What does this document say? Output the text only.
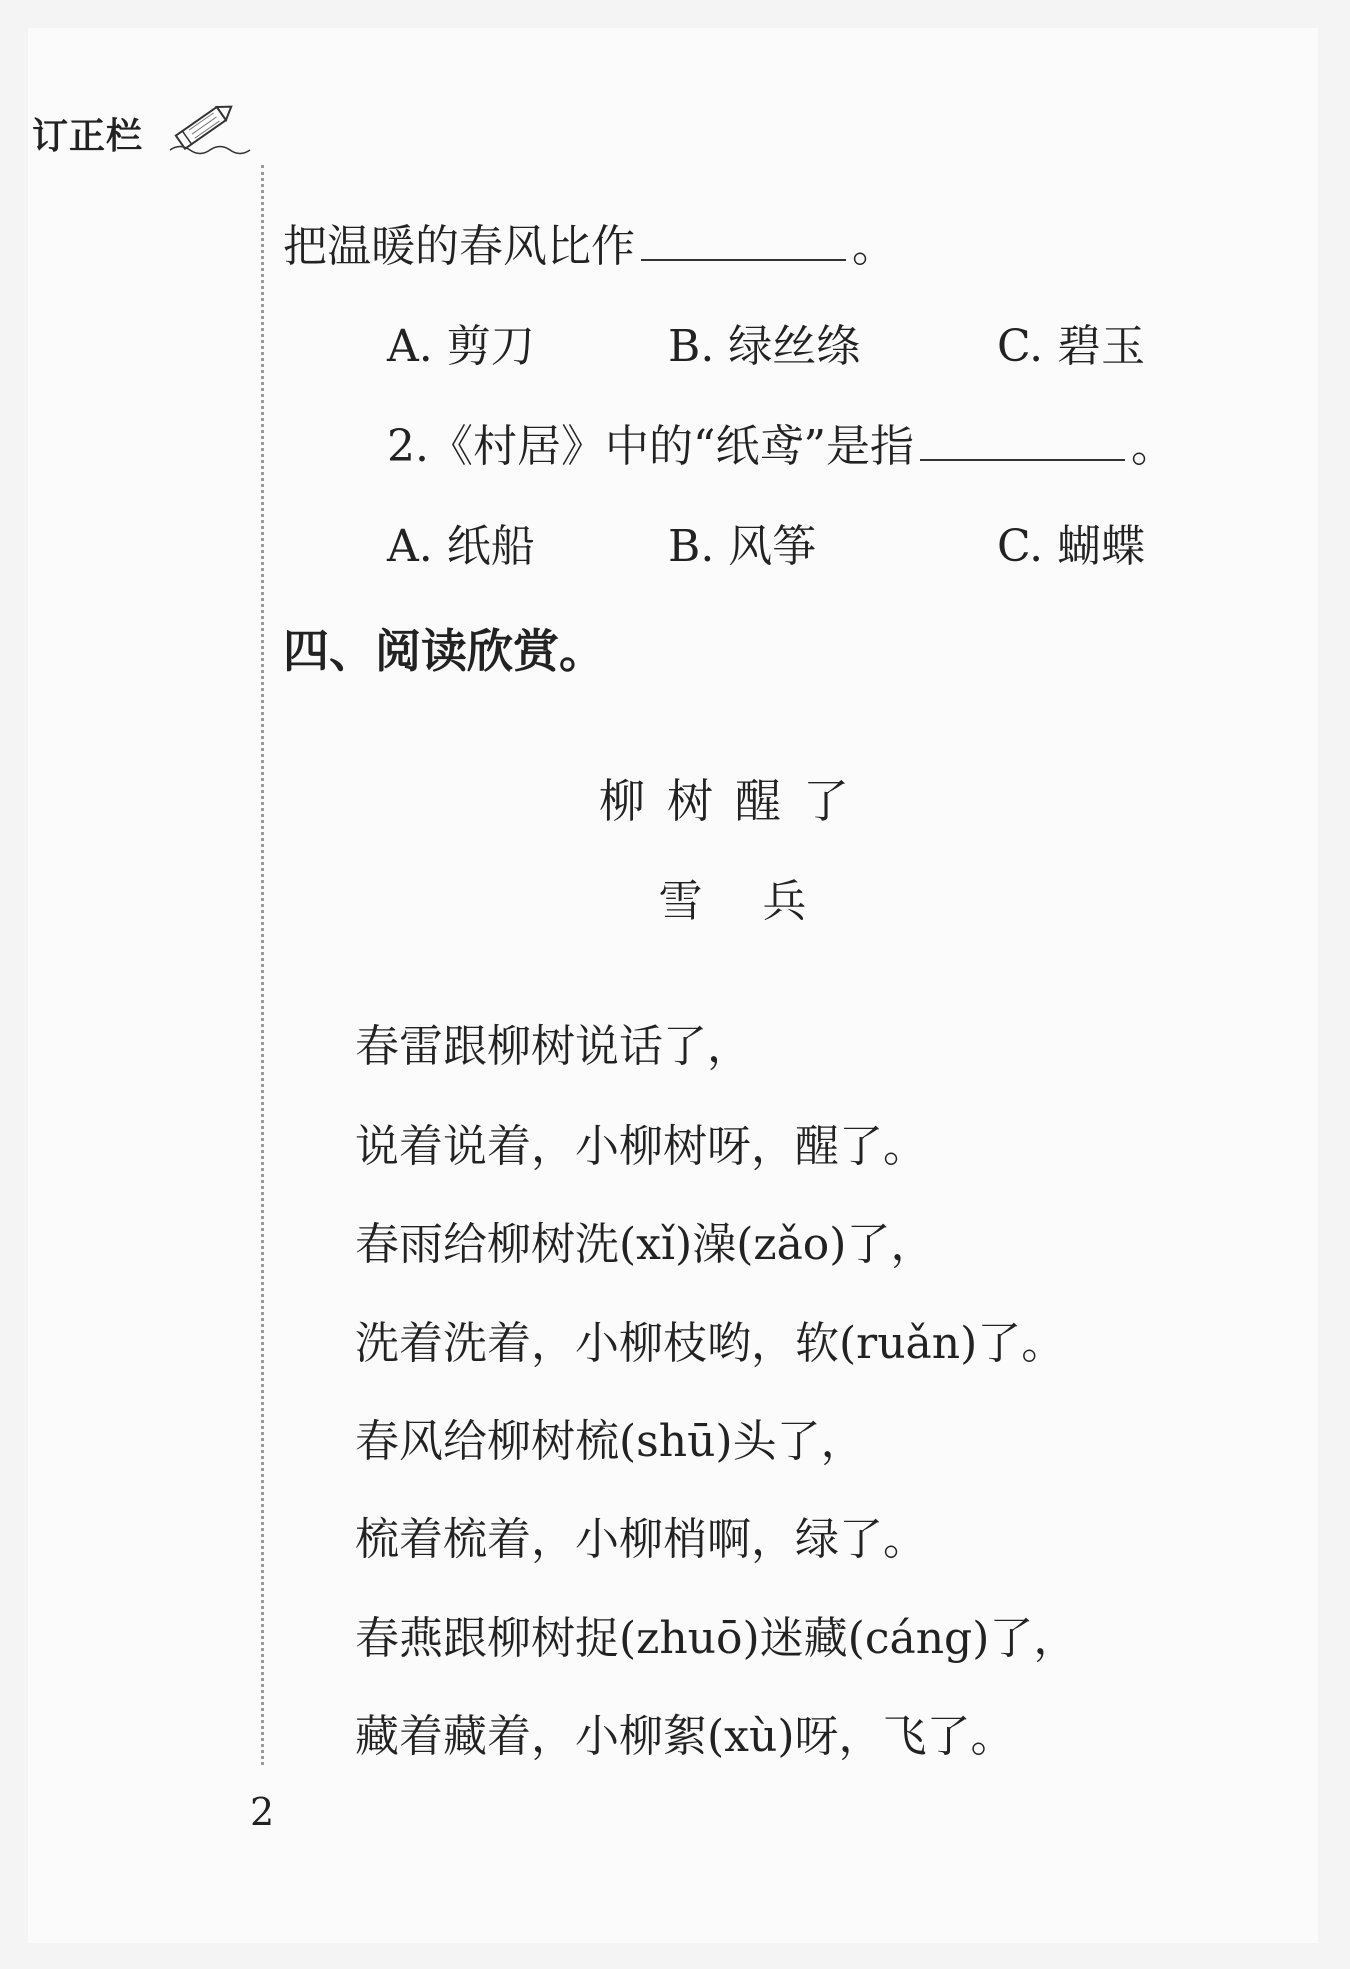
订正栏
把温暖的春风比作	。
A. 剪刀	B. 绿丝绦	C. 碧玉
2.《村居》中的“纸鸢”是指	。
A. 纸船	B. 风筝	C. 蝴蝶
四、阅读欣赏。
柳树醒了
雪兵
春雷跟柳树说话了，
说着说着，小柳树呀，醒了。
春雨给柳树洗(xǐ)澡(zǎo)了，
洗着洗着，小柳枝哟，软(ruǎn)了。
春风给柳树梳(shū)头了，
梳着梳着，小柳梢啊，绿了。
春燕跟柳树捉(zhuō)迷藏(cáng)了，
藏着藏着，小柳絮(xù)呀，飞了。
2
